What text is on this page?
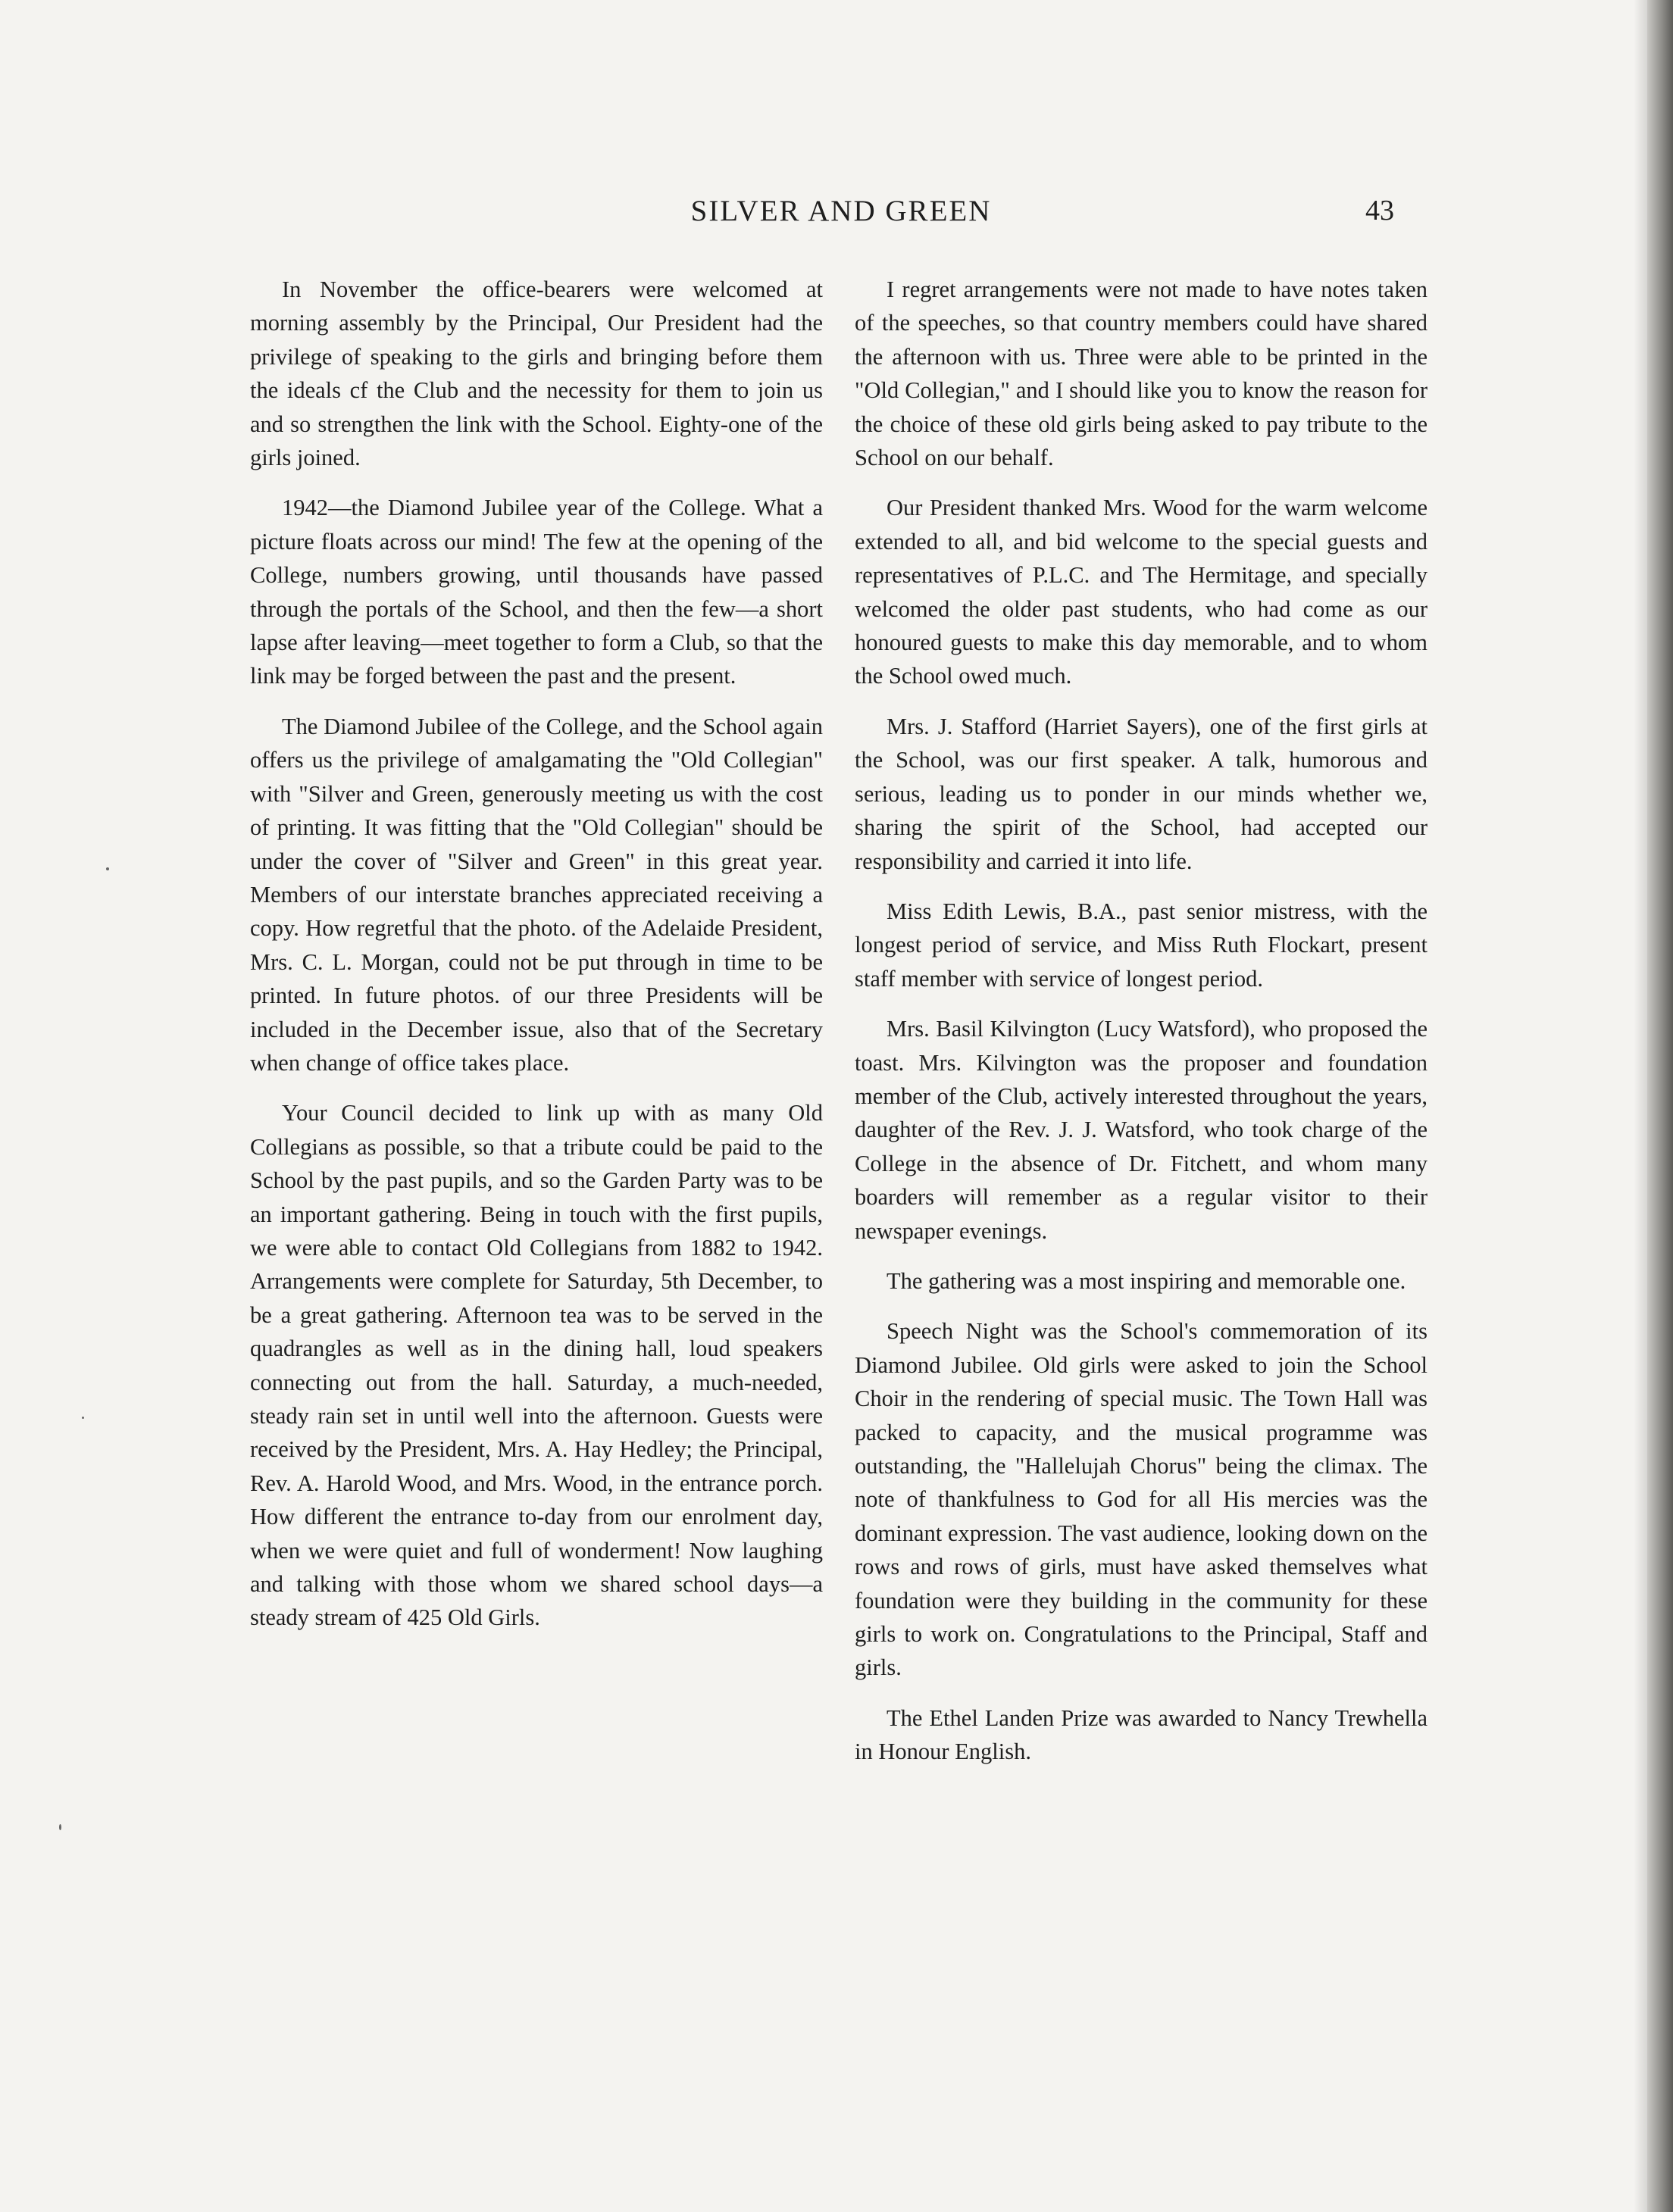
SILVER AND GREEN	43

In November the office-bearers were welcomed at morning assembly by the Principal, Our President had the privilege of speaking to the girls and bringing before them the ideals cf the Club and the necessity for them to join us and so strengthen the link with the School. Eighty-one of the girls joined.

1942—the Diamond Jubilee year of the College. What a picture floats across our mind! The few at the opening of the College, numbers growing, until thousands have passed through the portals of the School, and then the few—a short lapse after leaving—meet together to form a Club, so that the link may be forged between the past and the present.

The Diamond Jubilee of the College, and the School again offers us the privilege of amalgamating the "Old Collegian" with "Silver and Green, generously meeting us with the cost of printing. It was fitting that the "Old Collegian" should be under the cover of "Silver and Green" in this great year. Members of our interstate branches appreciated receiving a copy. How regretful that the photo. of the Adelaide President, Mrs. C. L. Morgan, could not be put through in time to be printed. In future photos. of our three Presidents will be included in the December issue, also that of the Secretary when change of office takes place.

Your Council decided to link up with as many Old Collegians as possible, so that a tribute could be paid to the School by the past pupils, and so the Garden Party was to be an important gathering. Being in touch with the first pupils, we were able to contact Old Collegians from 1882 to 1942. Arrangements were complete for Saturday, 5th December, to be a great gathering. Afternoon tea was to be served in the quadrangles as well as in the dining hall, loud speakers connecting out from the hall. Saturday, a much-needed, steady rain set in until well into the afternoon. Guests were received by the President, Mrs. A. Hay Hedley; the Principal, Rev. A. Harold Wood, and Mrs. Wood, in the entrance porch. How different the entrance to-day from our enrolment day, when we were quiet and full of wonderment! Now laughing and talking with those whom we shared school days—a steady stream of 425 Old Girls.

I regret arrangements were not made to have notes taken of the speeches, so that country members could have shared the afternoon with us. Three were able to be printed in the "Old Collegian," and I should like you to know the reason for the choice of these old girls being asked to pay tribute to the School on our behalf.

Our President thanked Mrs. Wood for the warm welcome extended to all, and bid welcome to the special guests and representatives of P.L.C. and The Hermitage, and specially welcomed the older past students, who had come as our honoured guests to make this day memorable, and to whom the School owed much.

Mrs. J. Stafford (Harriet Sayers), one of the first girls at the School, was our first speaker. A talk, humorous and serious, leading us to ponder in our minds whether we, sharing the spirit of the School, had accepted our responsibility and carried it into life.

Miss Edith Lewis, B.A., past senior mistress, with the longest period of service, and Miss Ruth Flockart, present staff member with service of longest period.

Mrs. Basil Kilvington (Lucy Watsford), who proposed the toast. Mrs. Kilvington was the proposer and foundation member of the Club, actively interested throughout the years, daughter of the Rev. J. J. Watsford, who took charge of the College in the absence of Dr. Fitchett, and whom many boarders will remember as a regular visitor to their newspaper evenings.

The gathering was a most inspiring and memorable one.

Speech Night was the School's commemoration of its Diamond Jubilee. Old girls were asked to join the School Choir in the rendering of special music. The Town Hall was packed to capacity, and the musical programme was outstanding, the "Hallelujah Chorus" being the climax. The note of thankfulness to God for all His mercies was the dominant expression. The vast audience, looking down on the rows and rows of girls, must have asked themselves what foundation were they building in the community for these girls to work on. Congratulations to the Principal, Staff and girls.

The Ethel Landen Prize was awarded to Nancy Trewhella in Honour English.
